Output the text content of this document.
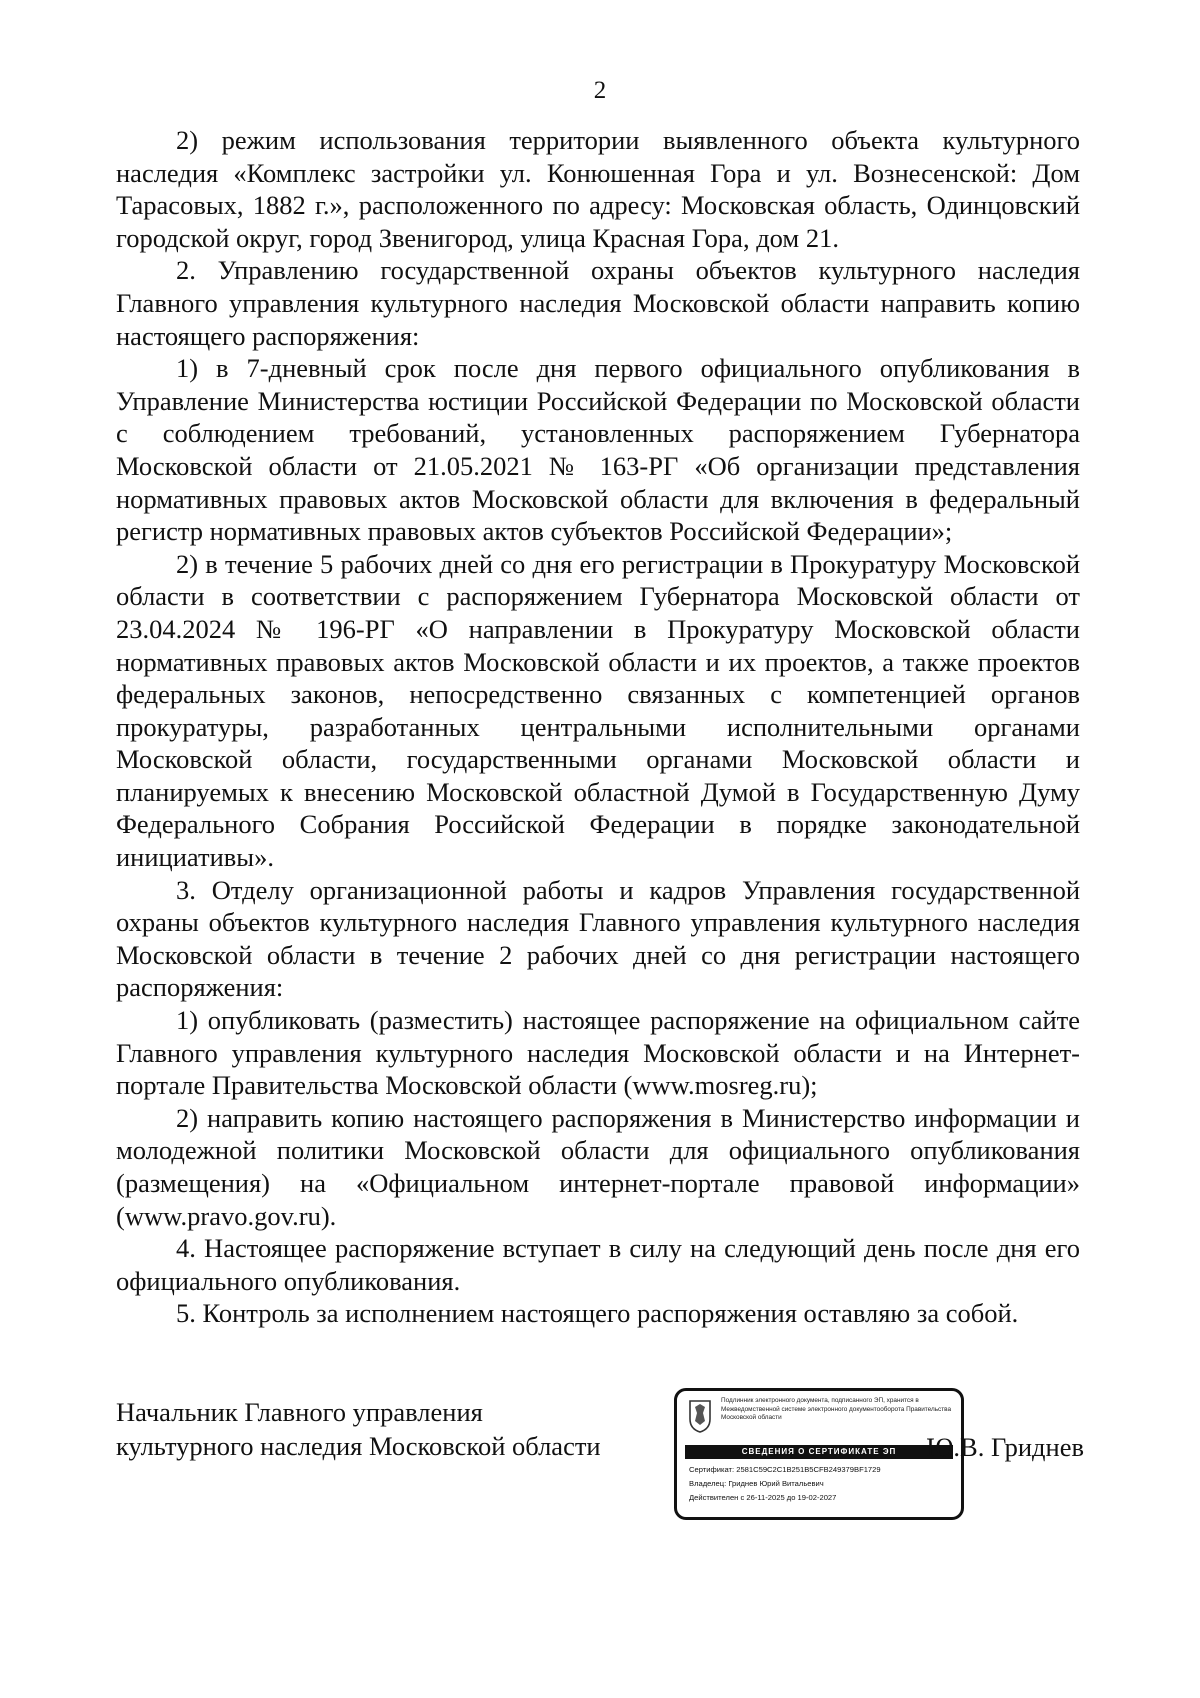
2

2) режим использования территории выявленного объекта культурного наследия «Комплекс застройки ул. Конюшенная Гора и ул. Вознесенской: Дом Тарасовых, 1882 г.», расположенного по адресу: Московская область, Одинцовский городской округ, город Звенигород, улица Красная Гора, дом 21.

2. Управлению государственной охраны объектов культурного наследия Главного управления культурного наследия Московской области направить копию настоящего распоряжения:

1) в 7-дневный срок после дня первого официального опубликования в Управление Министерства юстиции Российской Федерации по Московской области с соблюдением требований, установленных распоряжением Губернатора Московской области от 21.05.2021 № 163-РГ «Об организации представления нормативных правовых актов Московской области для включения в федеральный регистр нормативных правовых актов субъектов Российской Федерации»;

2) в течение 5 рабочих дней со дня его регистрации в Прокуратуру Московской области в соответствии с распоряжением Губернатора Московской области от 23.04.2024 № 196-РГ «О направлении в Прокуратуру Московской области нормативных правовых актов Московской области и их проектов, а также проектов федеральных законов, непосредственно связанных с компетенцией органов прокуратуры, разработанных центральными исполнительными органами Московской области, государственными органами Московской области и планируемых к внесению Московской областной Думой в Государственную Думу Федерального Собрания Российской Федерации в порядке законодательной инициативы».

3. Отделу организационной работы и кадров Управления государственной охраны объектов культурного наследия Главного управления культурного наследия Московской области в течение 2 рабочих дней со дня регистрации настоящего распоряжения:

1) опубликовать (разместить) настоящее распоряжение на официальном сайте Главного управления культурного наследия Московской области и на Интернет-портале Правительства Московской области (www.mosreg.ru);

2) направить копию настоящего распоряжения в Министерство информации и молодежной политики Московской области для официального опубликования (размещения) на «Официальном интернет-портале правовой информации» (www.pravo.gov.ru).

4. Настоящее распоряжение вступает в силу на следующий день после дня его официального опубликования.

5. Контроль за исполнением настоящего распоряжения оставляю за собой.

Начальник Главного управления
культурного наследия Московской области
Подлинник электронного документа, подписанного ЭП, хранится в Межведомственной системе электронного документооборота Правительства Московской области
СВЕДЕНИЯ О СЕРТИФИКАТЕ ЭП
Сертификат: 2581C59C2C1B251B5CFB249379BF1729
Владелец: Гриднев Юрий Витальевич
Действителен с 26-11-2025 до 19-02-2027
Ю.В. Гриднев
